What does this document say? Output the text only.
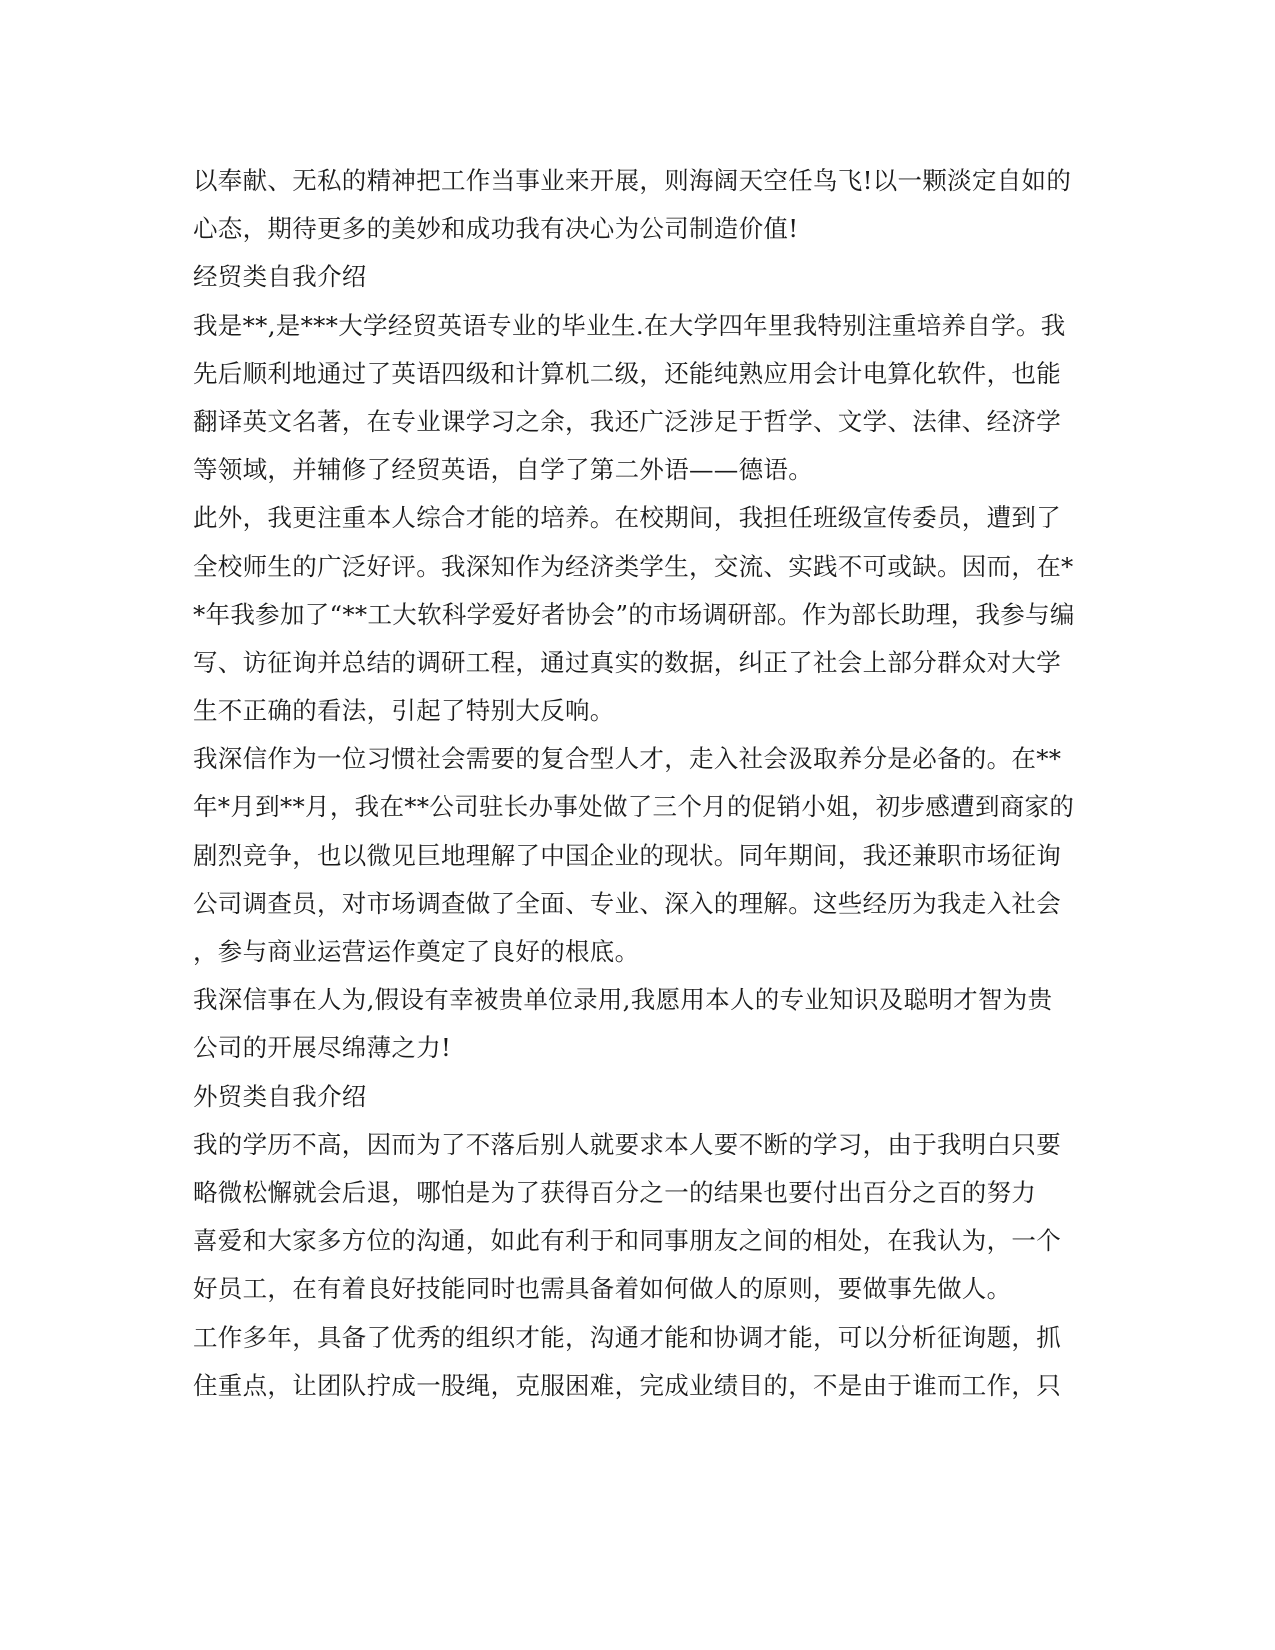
以奉献、无私的精神把工作当事业来开展，则海阔天空任鸟飞!以一颗淡定自如的
心态，期待更多的美妙和成功我有决心为公司制造价值!
经贸类自我介绍
我是**,是***大学经贸英语专业的毕业生.在大学四年里我特别注重培养自学。我
先后顺利地通过了英语四级和计算机二级，还能纯熟应用会计电算化软件，也能
翻译英文名著，在专业课学习之余，我还广泛涉足于哲学、文学、法律、经济学
等领域，并辅修了经贸英语，自学了第二外语——德语。
此外，我更注重本人综合才能的培养。在校期间，我担任班级宣传委员，遭到了
全校师生的广泛好评。我深知作为经济类学生，交流、实践不可或缺。因而，在*
*年我参加了“**工大软科学爱好者协会”的市场调研部。作为部长助理，我参与编
写、访征询并总结的调研工程，通过真实的数据，纠正了社会上部分群众对大学
生不正确的看法，引起了特别大反响。
我深信作为一位习惯社会需要的复合型人才，走入社会汲取养分是必备的。在**
年*月到**月，我在**公司驻长办事处做了三个月的促销小姐，初步感遭到商家的
剧烈竞争，也以微见巨地理解了中国企业的现状。同年期间，我还兼职市场征询
公司调查员，对市场调查做了全面、专业、深入的理解。这些经历为我走入社会
，参与商业运营运作奠定了良好的根底。
我深信事在人为,假设有幸被贵单位录用,我愿用本人的专业知识及聪明才智为贵
公司的开展尽绵薄之力!
外贸类自我介绍
我的学历不高，因而为了不落后别人就要求本人要不断的学习，由于我明白只要
略微松懈就会后退，哪怕是为了获得百分之一的结果也要付出百分之百的努力
喜爱和大家多方位的沟通，如此有利于和同事朋友之间的相处，在我认为，一个
好员工，在有着良好技能同时也需具备着如何做人的原则，要做事先做人。
工作多年，具备了优秀的组织才能，沟通才能和协调才能，可以分析征询题，抓
住重点，让团队拧成一股绳，克服困难，完成业绩目的，不是由于谁而工作，只
